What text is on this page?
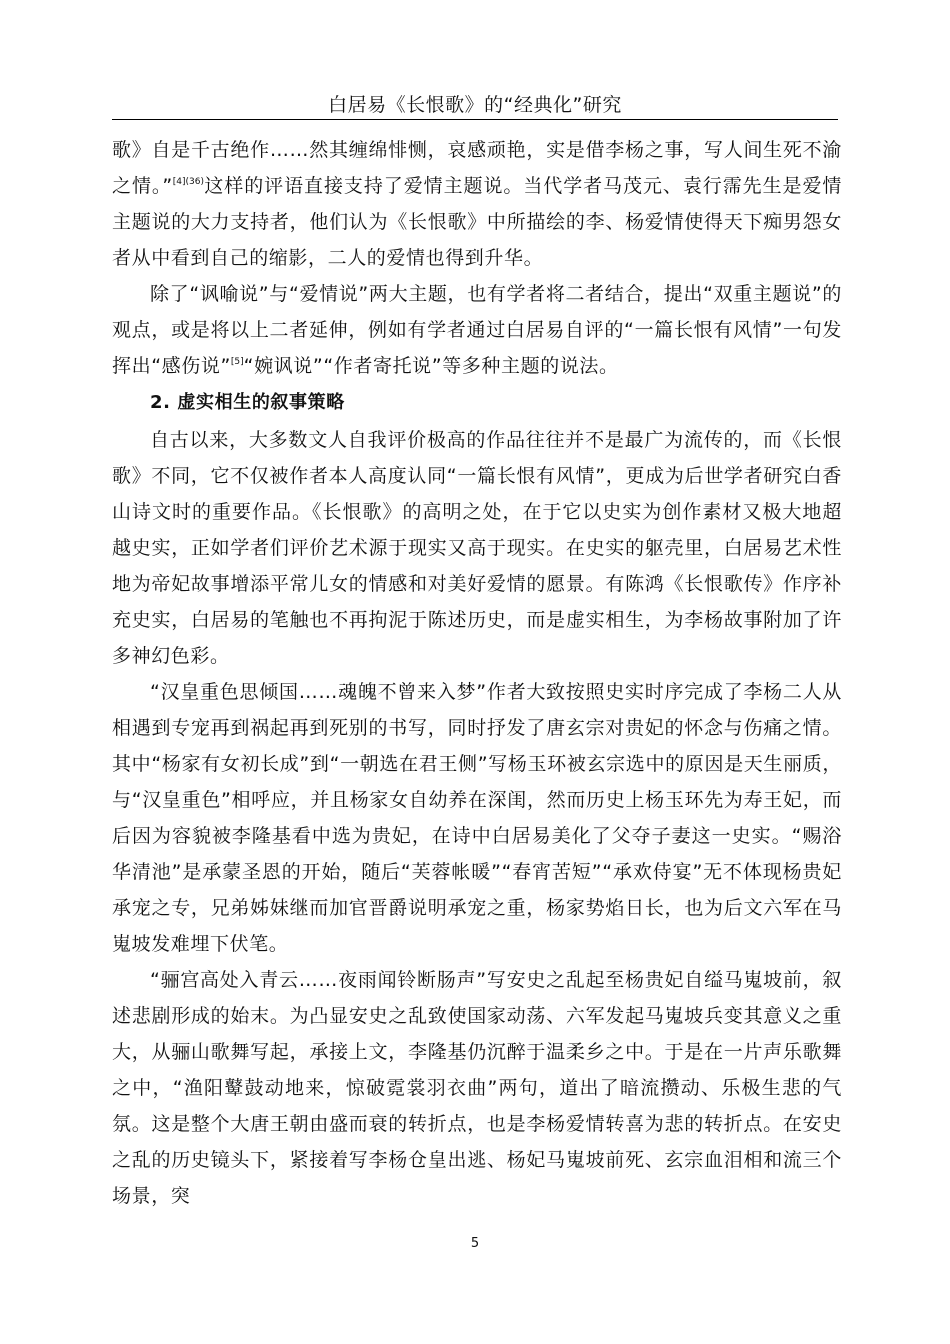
白居易《长恨歌》的“经典化”研究

歌》自是千古绝作……然其缠绵悱恻，哀感顽艳，实是借李杨之事，写人间生死不渝之情。”$^{[4](36)}$这样的评语直接支持了爱情主题说。当代学者马茂元、袁行霈先生是爱情主题说的大力支持者，他们认为《长恨歌》中所描绘的李、杨爱情使得天下痴男怨女者从中看到自己的缩影，二人的爱情也得到升华。

除了“讽喻说”与“爱情说”两大主题，也有学者将二者结合，提出“双重主题说”的观点，或是将以上二者延伸，例如有学者通过白居易自评的“一篇长恨有风情”一句发挥出“感伤说”[5]“婉讽说”“作者寄托说”等多种主题的说法。

2. 虚实相生的叙事策略

自古以来，大多数文人自我评价极高的作品往往并不是最广为流传的，而《长恨歌》不同，它不仅被作者本人高度认同“一篇长恨有风情”，更成为后世学者研究白香山诗文时的重要作品。《长恨歌》的高明之处，在于它以史实为创作素材又极大地超越史实，正如学者们评价艺术源于现实又高于现实。在史实的躯壳里，白居易艺术性地为帝妃故事增添平常儿女的情感和对美好爱情的愿景。有陈鸿《长恨歌传》作序补充史实，白居易的笔触也不再拘泥于陈述历史，而是虚实相生，为李杨故事附加了许多神幻色彩。

“汉皇重色思倾国……魂魄不曾来入梦”作者大致按照史实时序完成了李杨二人从相遇到专宠再到祸起再到死别的书写，同时抒发了唐玄宗对贵妃的怀念与伤痛之情。其中“杨家有女初长成”到“一朝选在君王侧”写杨玉环被玄宗选中的原因是天生丽质，与“汉皇重色”相呼应，并且杨家女自幼养在深闺，然而历史上杨玉环先为寿王妃，而后因为容貌被李隆基看中选为贵妃，在诗中白居易美化了父夺子妻这一史实。“赐浴华清池”是承蒙圣恩的开始，随后“芙蓉帐暖”“春宵苦短”“承欢侍宴”无不体现杨贵妃承宠之专，兄弟姊妹继而加官晋爵说明承宠之重，杨家势焰日长，也为后文六军在马嵬坡发难埋下伏笔。

“骊宫高处入青云……夜雨闻铃断肠声”写安史之乱起至杨贵妃自缢马嵬坡前，叙述悲剧形成的始末。为凸显安史之乱致使国家动荡、六军发起马嵬坡兵变其意义之重大，从骊山歌舞写起，承接上文，李隆基仍沉醉于温柔乡之中。于是在一片声乐歌舞之中，“渔阳鼙鼓动地来，惊破霓裳羽衣曲”两句，道出了暗流攒动、乐极生悲的气氛。这是整个大唐王朝由盛而衰的转折点，也是李杨爱情转喜为悲的转折点。在安史之乱的历史镜头下，紧接着写李杨仓皇出逃、杨妃马嵬坡前死、玄宗血泪相和流三个场景，突

5
